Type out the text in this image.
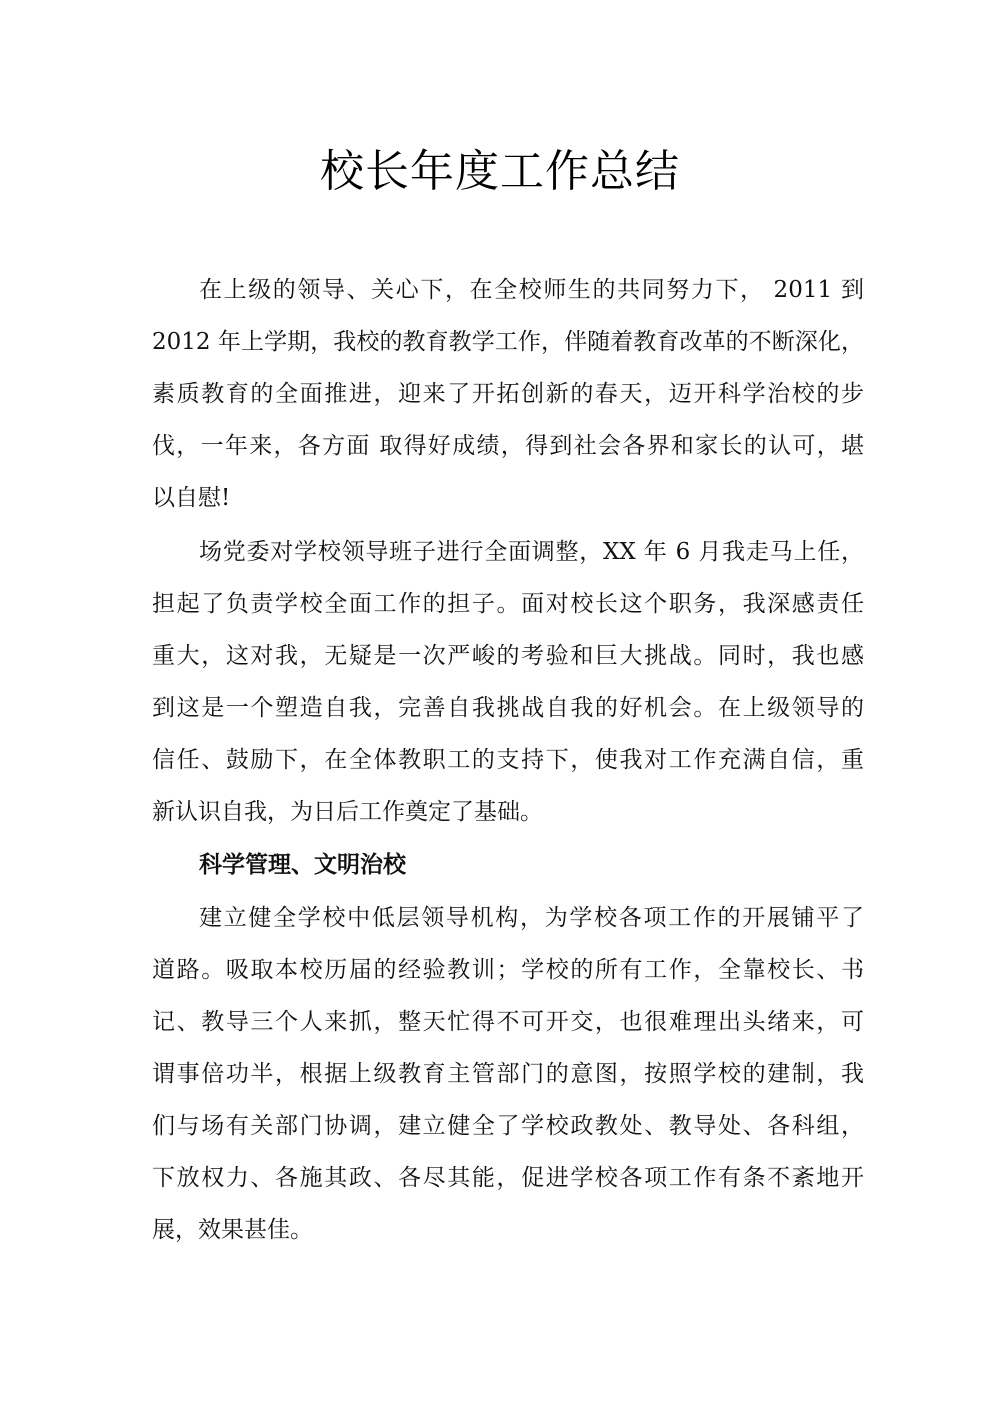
校长年度工作总结
在上级的领导、关心下，在全校师生的共同努力下， 2011 到
2012 年上学期，我校的教育教学工作，伴随着教育改革的不断深化，
素质教育的全面推进，迎来了开拓创新的春天，迈开科学治校的步
伐，一年来，各方面 取得好成绩，得到社会各界和家长的认可，堪
以自慰!
场党委对学校领导班子进行全面调整，XX 年 6 月我走马上任，
担起了负责学校全面工作的担子。面对校长这个职务，我深感责任
重大，这对我，无疑是一次严峻的考验和巨大挑战。同时，我也感
到这是一个塑造自我，完善自我挑战自我的好机会。在上级领导的
信任、鼓励下，在全体教职工的支持下，使我对工作充满自信，重
新认识自我，为日后工作奠定了基础。
科学管理、文明治校
建立健全学校中低层领导机构，为学校各项工作的开展铺平了
道路。吸取本校历届的经验教训；学校的所有工作，全靠校长、书
记、教导三个人来抓，整天忙得不可开交，也很难理出头绪来，可
谓事倍功半，根据上级教育主管部门的意图，按照学校的建制，我
们与场有关部门协调，建立健全了学校政教处、教导处、各科组，
下放权力、各施其政、各尽其能，促进学校各项工作有条不紊地开
展，效果甚佳。
